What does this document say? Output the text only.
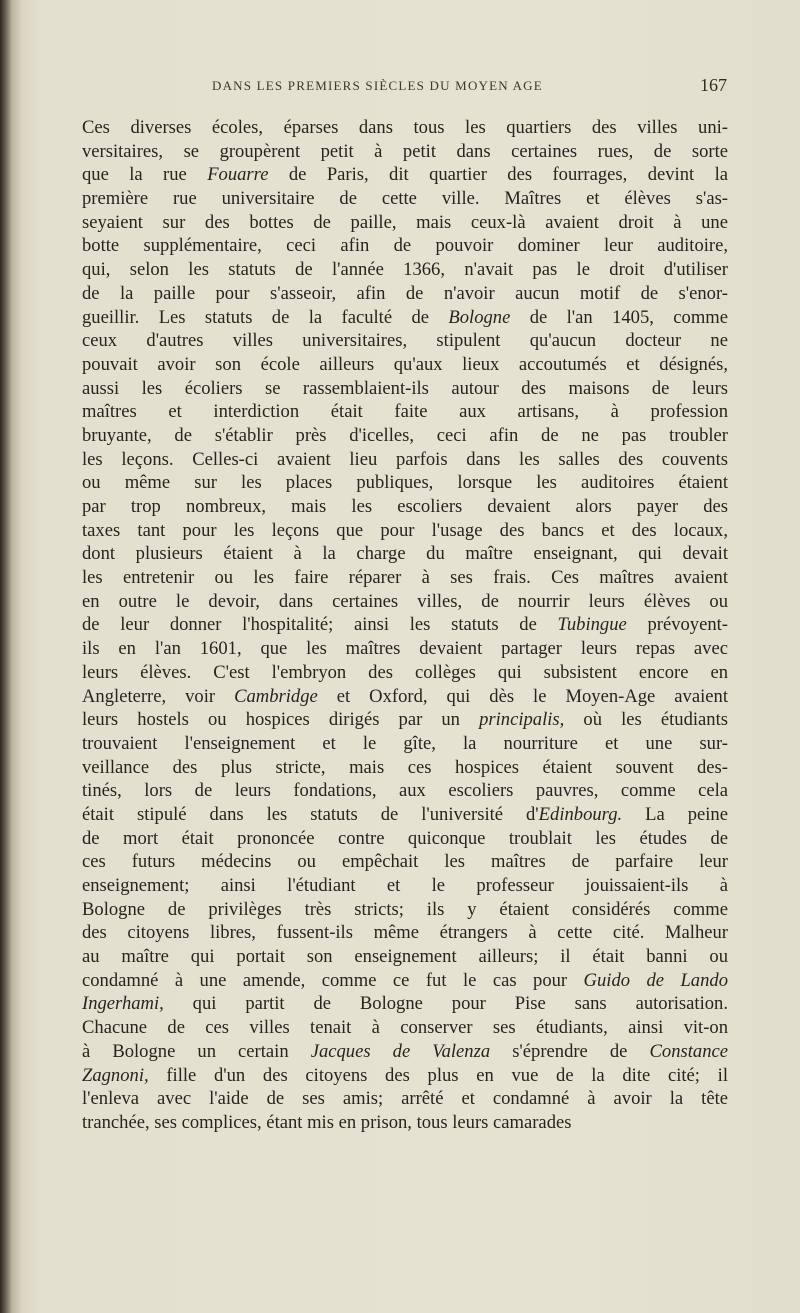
DANS LES PREMIERS SIÈCLES DU MOYEN AGE	167
Ces diverses écoles, éparses dans tous les quartiers des villes uni-
versitaires, se groupèrent petit à petit dans certaines rues, de sorte
que la rue Fouarre de Paris, dit quartier des fourrages, devint la
première rue universitaire de cette ville. Maîtres et élèves s'as-
seyaient sur des bottes de paille, mais ceux-là avaient droit à une
botte supplémentaire, ceci afin de pouvoir dominer leur auditoire,
qui, selon les statuts de l'année 1366, n'avait pas le droit d'utiliser
de la paille pour s'asseoir, afin de n'avoir aucun motif de s'enor-
gueillir. Les statuts de la faculté de Bologne de l'an 1405, comme
ceux d'autres villes universitaires, stipulent qu'aucun docteur ne
pouvait avoir son école ailleurs qu'aux lieux accoutumés et désignés,
aussi les écoliers se rassemblaient-ils autour des maisons de leurs
maîtres et interdiction était faite aux artisans, à profession
bruyante, de s'établir près d'icelles, ceci afin de ne pas troubler
les leçons. Celles-ci avaient lieu parfois dans les salles des couvents
ou même sur les places publiques, lorsque les auditoires étaient
par trop nombreux, mais les escoliers devaient alors payer des
taxes tant pour les leçons que pour l'usage des bancs et des locaux,
dont plusieurs étaient à la charge du maître enseignant, qui devait
les entretenir ou les faire réparer à ses frais. Ces maîtres avaient
en outre le devoir, dans certaines villes, de nourrir leurs élèves ou
de leur donner l'hospitalité; ainsi les statuts de Tubingue prévoyent-
ils en l'an 1601, que les maîtres devaient partager leurs repas avec
leurs élèves. C'est l'embryon des collèges qui subsistent encore en
Angleterre, voir Cambridge et Oxford, qui dès le Moyen-Age avaient
leurs hostels ou hospices dirigés par un principalis, où les étudiants
trouvaient l'enseignement et le gîte, la nourriture et une sur-
veillance des plus stricte, mais ces hospices étaient souvent des-
tinés, lors de leurs fondations, aux escoliers pauvres, comme cela
était stipulé dans les statuts de l'université d'Edinbourg. La peine
de mort était prononcée contre quiconque troublait les études de
ces futurs médecins ou empêchait les maîtres de parfaire leur
enseignement; ainsi l'étudiant et le professeur jouissaient-ils à
Bologne de privilèges très stricts; ils y étaient considérés comme
des citoyens libres, fussent-ils même étrangers à cette cité. Malheur
au maître qui portait son enseignement ailleurs; il était banni ou
condamné à une amende, comme ce fut le cas pour Guido de Lando
Ingerhami, qui partit de Bologne pour Pise sans autorisation.
Chacune de ces villes tenait à conserver ses étudiants, ainsi vit-on
à Bologne un certain Jacques de Valenza s'éprendre de Constance
Zagnoni, fille d'un des citoyens des plus en vue de la dite cité; il
l'enleva avec l'aide de ses amis; arrêté et condamné à avoir la tête
tranchée, ses complices, étant mis en prison, tous leurs camarades
